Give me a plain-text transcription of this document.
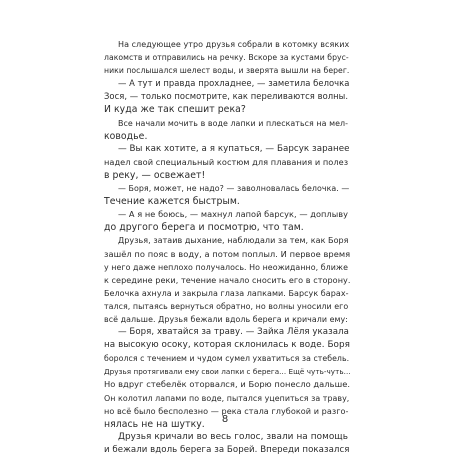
На следующее утро друзья собрали в котомку всяких
лакомств и отправились на речку. Вскоре за кустами брус-
ники послышался шелест воды, и зверята вышли на берег.
— А тут и правда прохладнее, — заметила белочка
Зося, — только посмотрите, как переливаются волны.
И куда же так спешит река?
Все начали мочить в воде лапки и плескаться на мел-
ководье.
— Вы как хотите, а я купаться, — Барсук заранее
надел свой специальный костюм для плавания и полез
в реку, — освежает!
— Боря, может, не надо? — заволновалась белочка. —
Течение кажется быстрым.
— А я не боюсь, — махнул лапой барсук, — доплыву
до другого берега и посмотрю, что там.
Друзья, затаив дыхание, наблюдали за тем, как Боря
зашёл по пояс в воду, а потом поплыл. И первое время
у него даже неплохо получалось. Но неожиданно, ближе
к середине реки, течение начало сносить его в сторону.
Белочка ахнула и закрыла глаза лапками. Барсук барах-
тался, пытаясь вернуться обратно, но волны уносили его
всё дальше. Друзья бежали вдоль берега и кричали ему:
— Боря, хватайся за траву. — Зайка Лёля указала
на высокую осоку, которая склонилась к воде. Боря
боролся с течением и чудом сумел ухватиться за стебель.
Друзья протягивали ему свои лапки с берега... Ещё чуть-чуть...
Но вдруг стебелёк оторвался, и Борю понесло дальше.
Он колотил лапами по воде, пытался уцепиться за траву,
но всё было бесполезно — река стала глубокой и разго-
нялась не на шутку.
Друзья кричали во весь голос, звали на помощь
и бежали вдоль берега за Борей. Впереди показался
8
